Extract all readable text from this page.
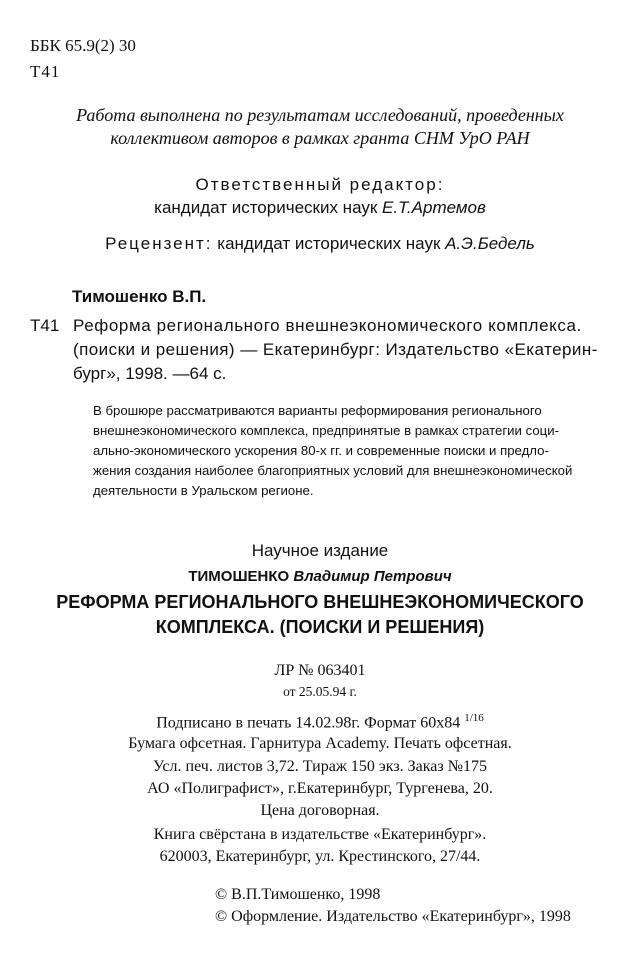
ББК 65.9(2) 30
Т41
Работа выполнена по результатам исследований, проведенных
коллективом авторов в рамках гранта СНМ УрО РАН
Ответственный редактор:
кандидат исторических наук Е.Т.Артемов
Рецензент: кандидат исторических наук А.Э.Бедель
Тимошенко В.П.
Т41 Реформа регионального внешнеэкономического комплекса.
(поиски и решения) — Екатеринбург: Издательство «Екатерин-
бург», 1998. —64 с.
В брошюре рассматриваются варианты реформирования регионального
внешнеэкономического комплекса, предпринятые в рамках стратегии соци-
ально-экономического ускорения 80-х гг. и современные поиски и предло-
жения создания наиболее благоприятных условий для внешнеэкономической
деятельности в Уральском регионе.
Научное издание
ТИМОШЕНКО Владимир Петрович
РЕФОРМА РЕГИОНАЛЬНОГО ВНЕШНЕЭКОНОМИЧЕСКОГО
КОМПЛЕКСА. (ПОИСКИ И РЕШЕНИЯ)
ЛР № 063401
от 25.05.94 г.
Подписано в печать 14.02.98г. Формат 60х84 $^{1/16}$
Бумага офсетная. Гарнитура Academy. Печать офсетная.
Усл. печ. листов 3,72. Тираж 150 экз. Заказ №175
АО «Полиграфист», г.Екатеринбург, Тургенева, 20.
Цена договорная.
Книга свёрстана в издательстве «Екатеринбург».
620003, Екатеринбург, ул. Крестинского, 27/44.
© В.П.Тимошенко, 1998
© Оформление. Издательство «Екатеринбург», 1998
